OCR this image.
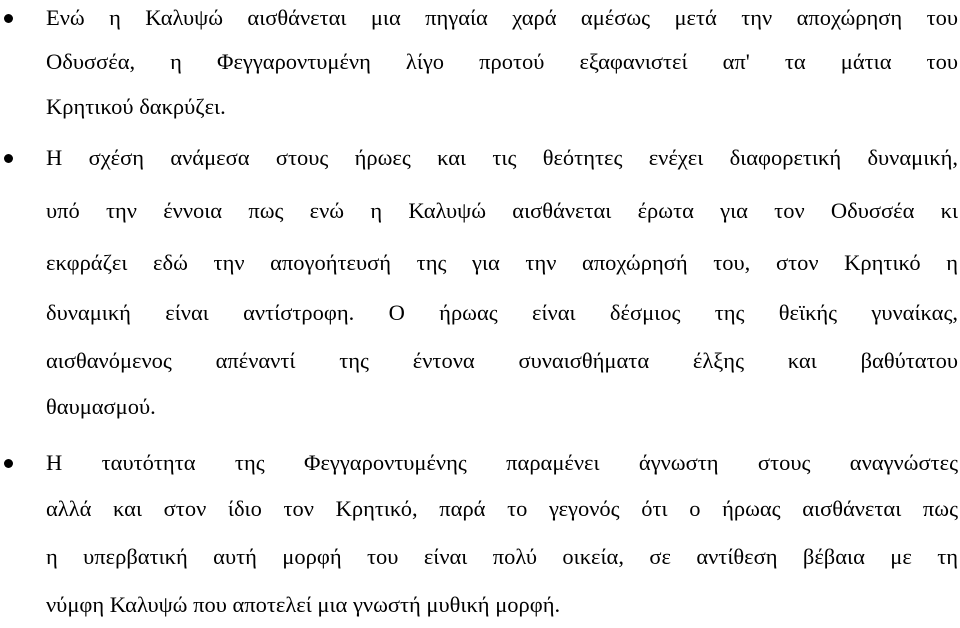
Ενώ η Καλυψώ αισθάνεται μια πηγαία χαρά αμέσως μετά την αποχώρηση του
Οδυσσέα, η Φεγγαροντυμένη λίγο προτού εξαφανιστεί απ' τα μάτια του
Κρητικού δακρύζει.
Η σχέση ανάμεσα στους ήρωες και τις θεότητες ενέχει διαφορετική δυναμική,
υπό την έννοια πως ενώ η Καλυψώ αισθάνεται έρωτα για τον Οδυσσέα κι
εκφράζει εδώ την απογοήτευσή της για την αποχώρησή του, στον Κρητικό η
δυναμική είναι αντίστροφη. Ο ήρωας είναι δέσμιος της θεϊκής γυναίκας,
αισθανόμενος απέναντί της έντονα συναισθήματα έλξης και βαθύτατου
θαυμασμού.
Η ταυτότητα της Φεγγαροντυμένης παραμένει άγνωστη στους αναγνώστες
αλλά και στον ίδιο τον Κρητικό, παρά το γεγονός ότι ο ήρωας αισθάνεται πως
η υπερβατική αυτή μορφή του είναι πολύ οικεία, σε αντίθεση βέβαια με τη
νύμφη Καλυψώ που αποτελεί μια γνωστή μυθική μορφή.
